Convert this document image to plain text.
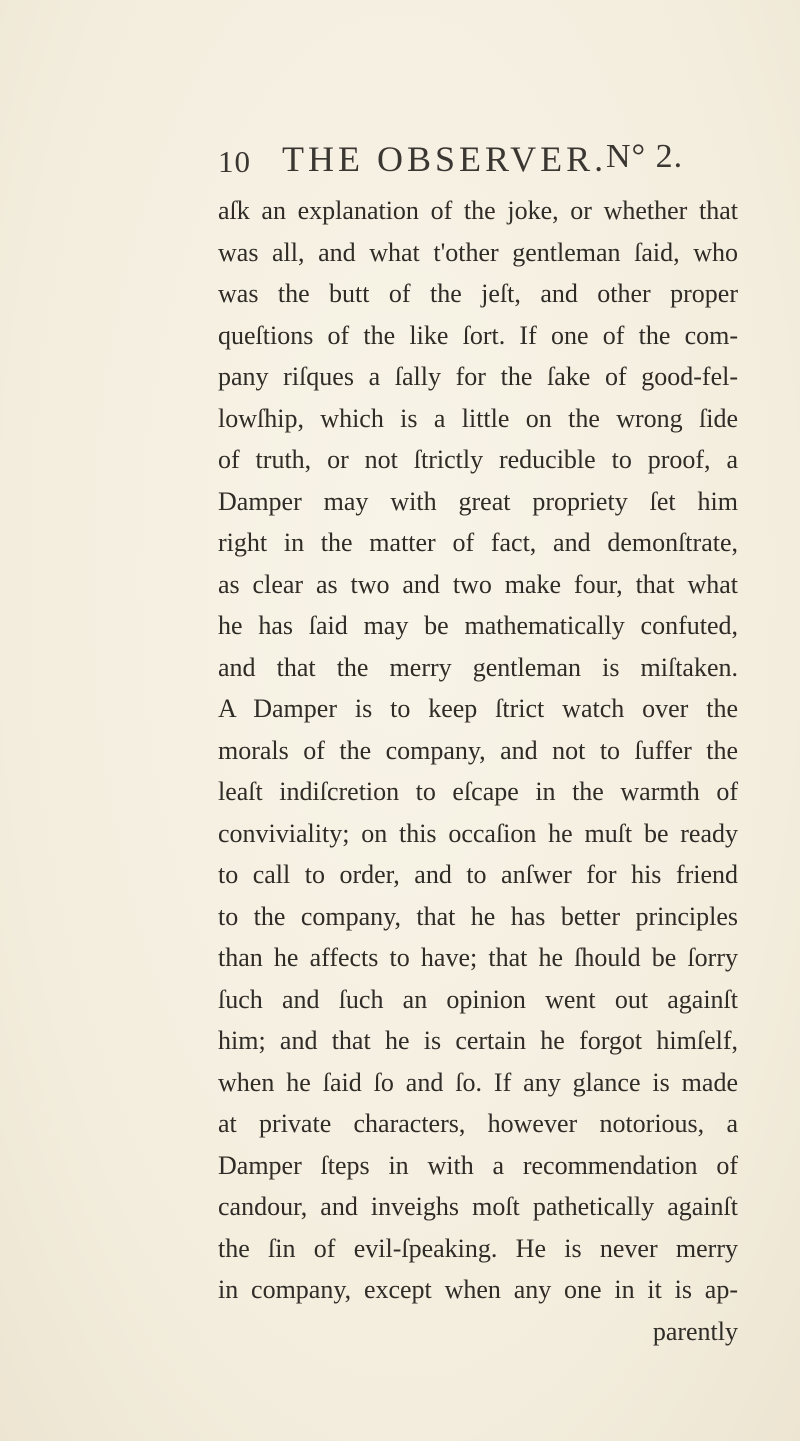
10 THE OBSERVER.
N° 2.
aſk an explanation of the joke, or whether that
was all, and what t'other gentleman ſaid, who
was the butt of the jeſt, and other proper
queſtions of the like ſort. If one of the com-
pany riſques a ſally for the ſake of good-fel-
lowſhip, which is a little on the wrong ſide
of truth, or not ſtrictly reducible to proof, a
Damper may with great propriety ſet him
right in the matter of fact, and demonſtrate,
as clear as two and two make four, that what
he has ſaid may be mathematically confuted,
and that the merry gentleman is miſtaken.
A Damper is to keep ſtrict watch over the
morals of the company, and not to ſuffer the
leaſt indiſcretion to eſcape in the warmth of
conviviality; on this occaſion he muſt be ready
to call to order, and to anſwer for his friend
to the company, that he has better principles
than he affects to have; that he ſhould be ſorry
ſuch and ſuch an opinion went out againſt
him; and that he is certain he forgot himſelf,
when he ſaid ſo and ſo. If any glance is made
at private characters, however notorious, a
Damper ſteps in with a recommendation of
candour, and inveighs moſt pathetically againſt
the ſin of evil-ſpeaking. He is never merry
in company, except when any one in it is ap-
parently
